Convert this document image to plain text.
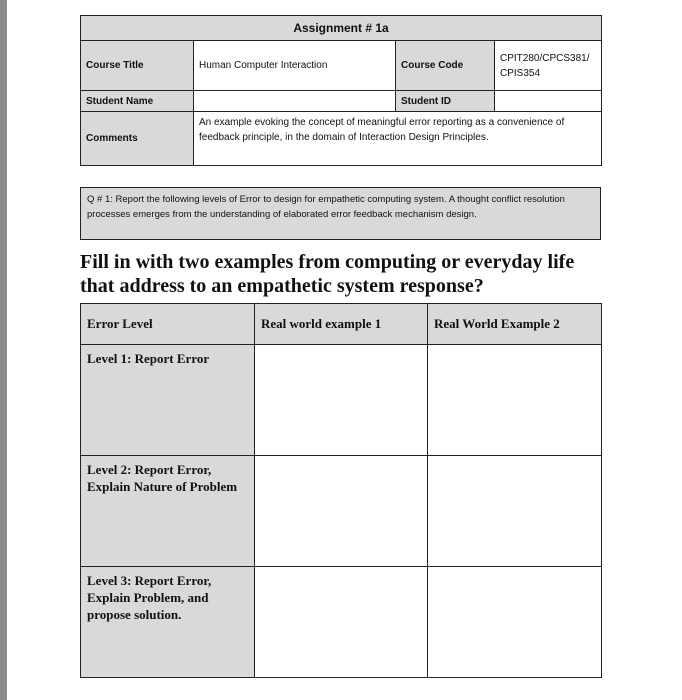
Assignment # 1a			
Course Title	Human Computer Interaction	Course Code	CPIT280/CPCS381/ CPIS354
Student Name		Student ID	
Comments	An example evoking the concept of meaningful error reporting as a convenience of feedback principle, in the domain of Interaction Design Principles.		
Q # 1: Report the following levels of Error to design for empathetic computing system. A thought conflict resolution processes emerges from the understanding of elaborated error feedback mechanism design.
Fill in with two examples from computing or everyday life that address to an empathetic system response?
Error Level	Real world example 1	Real World Example 2
Level 1: Report Error		
Level 2: Report Error, Explain Nature of Problem		
Level 3: Report Error, Explain Problem, and propose solution.		
